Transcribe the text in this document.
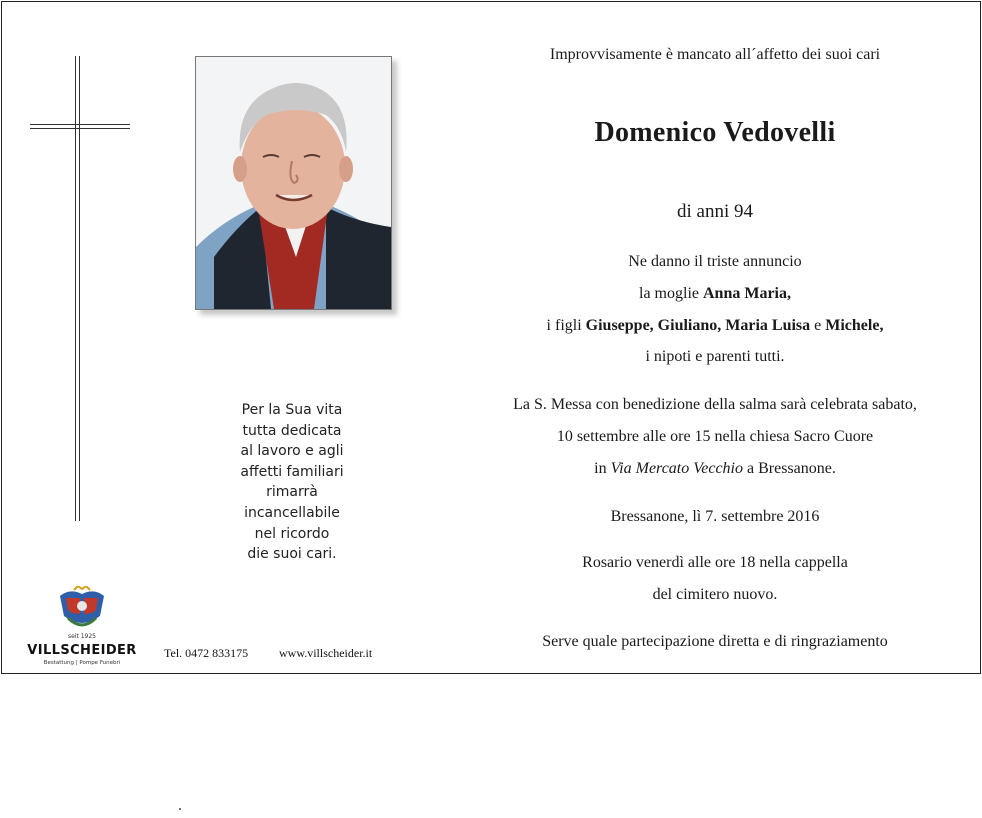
Per la Sua vita
tutta dedicata
al lavoro e agli
affetti familiari
rimarrà
incancellabile
nel ricordo
die suoi cari.
seit 1925
VILLSCHEIDER
Bestattung | Pompe Funebri
Tel. 0472 833175	www.villscheider.it
Improvvisamente è mancato all´affetto dei suoi cari
Domenico Vedovelli
di anni 94
Ne danno il triste annuncio
la moglie Anna Maria,
i figli Giuseppe, Giuliano, Maria Luisa e Michele,
i nipoti e parenti tutti.
La S. Messa con benedizione della salma sarà celebrata sabato,
10 settembre alle ore 15 nella chiesa Sacro Cuore
in Via Mercato Vecchio a Bressanone.
Bressanone, lì 7. settembre 2016
Rosario venerdì alle ore 18 nella cappella
del cimitero nuovo.
Serve quale partecipazione diretta e di ringraziamento
